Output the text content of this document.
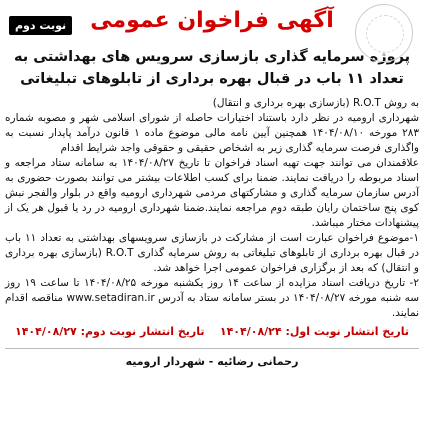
آگهی فراخوان عمومی
نوبت دوم
پروژه سرمایه گذاری بازسازی سرویس های بهداشتی به تعداد ۱۱ باب در قبال بهره برداری از تابلوهای تبلیغاتی

به روش R.O.T (بازسازی بهره برداری و انتقال)

شهرداری ارومیه در نظر دارد باستناد اختیارات حاصله از شورای اسلامی شهر و مصوبه شماره ۲۸۳ مورخه ۱۴۰۴/۰۸/۱۰ همچنین آیین نامه مالی موضوع ماده ۱ قانون درآمد پایدار نسبت به واگذاری فرصت سرمایه گذاری زیر به اشخاص حقیقی و حقوقی واجد شرایط اقدام

علاقمندان می توانند جهت تهیه اسناد فراخوان تا تاریخ ۱۴۰۴/۰۸/۲۷ به سامانه ستاد مراجعه و اسناد مربوطه را دریافت نمایند. ضمنا برای کسب اطلاعات بیشتر می توانند بصورت حضوری به آدرس سازمان سرمایه گذاری و مشارکتهای مردمی شهرداری ارومیه واقع در بلوار والفجر نبش کوی پنج ساختمان رایان طبقه دوم مراجعه نمایند.ضمنا شهرداری ارومیه در رد یا قبول هر یک از پیشنهادات مختار میباشد.

۱-موضوع فراخوان عبارت است از مشارکت در بازسازی سرویسهای بهداشتی به تعداد ۱۱ باب در قبال بهره برداری از تابلوهای تبلیغاتی به روش سرمایه گذاری R.O.T (بازسازی بهره برداری و انتقال) که بعد از برگزاری فراخوان عمومی اجرا خواهد شد.

۲- تاریخ دریافت اسناد مزایده از ساعت ۱۴ روز یکشنبه مورخه ۱۴۰۴/۰۸/۲۵ تا ساعت ۱۹ روز سه شنبه مورخه ۱۴۰۴/۰۸/۲۷ در بستر سامانه ستاد به آدرس www.setadiran.ir مناقصه اقدام نمایند.

تاریخ انتشار نوبت اول: ۱۴۰۴/۰۸/۲۴    تاریخ انتشار نوبت دوم: ۱۴۰۴/۰۸/۲۷
رحمانی رضائیه - شهردار ارومیه
